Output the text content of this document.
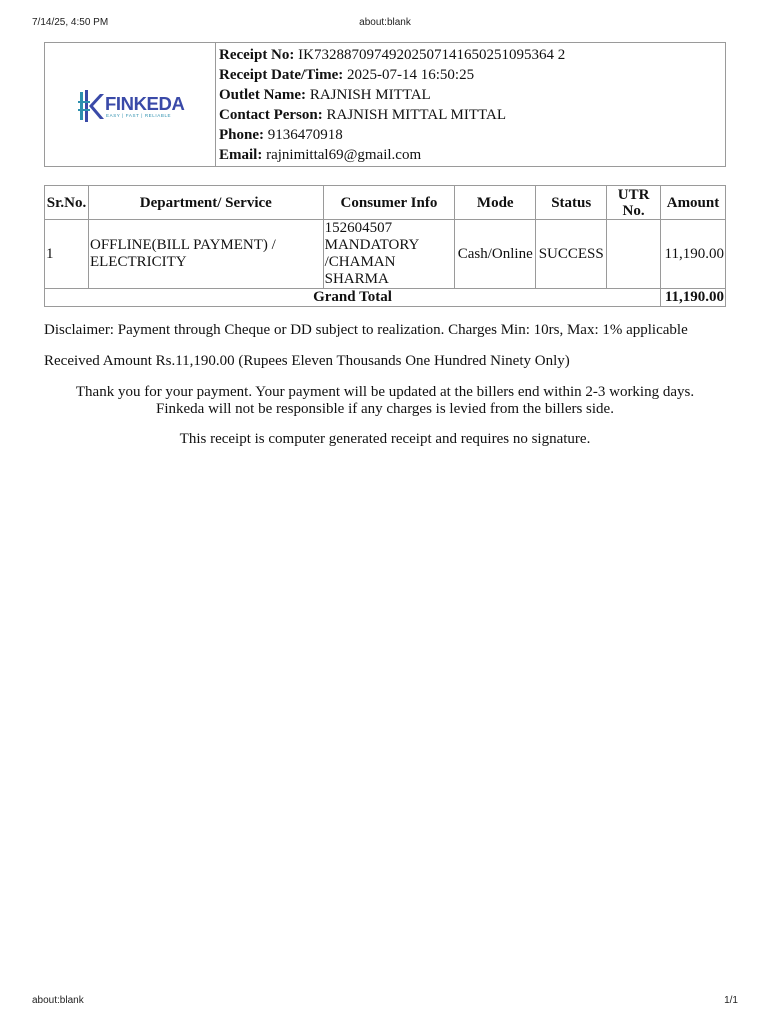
7/14/25, 4:50 PM	about:blank
FINKEDA
EASY | FAST | RELIABLE

Receipt No: IK73288709749202507141650251095364 2
Receipt Date/Time: 2025-07-14 16:50:25
Outlet Name: RAJNISH MITTAL
Contact Person: RAJNISH MITTAL MITTAL
Phone: 9136470918
Email: rajnimittal69@gmail.com
Sr.No.	Department/ Service	Consumer Info	Mode	Status	UTR No.	Amount
1	OFFLINE(BILL PAYMENT) / ELECTRICITY	152604507 MANDATORY /CHAMAN SHARMA	Cash/Online	SUCCESS		11,190.00
Grand Total						11,190.00
Disclaimer: Payment through Cheque or DD subject to realization. Charges Min: 10rs, Max: 1% applicable
Received Amount Rs.11,190.00 (Rupees Eleven Thousands One Hundred Ninety Only)
Thank you for your payment. Your payment will be updated at the billers end within 2-3 working days.
Finkeda will not be responsible if any charges is levied from the billers side.
This receipt is computer generated receipt and requires no signature.
about:blank	1/1
